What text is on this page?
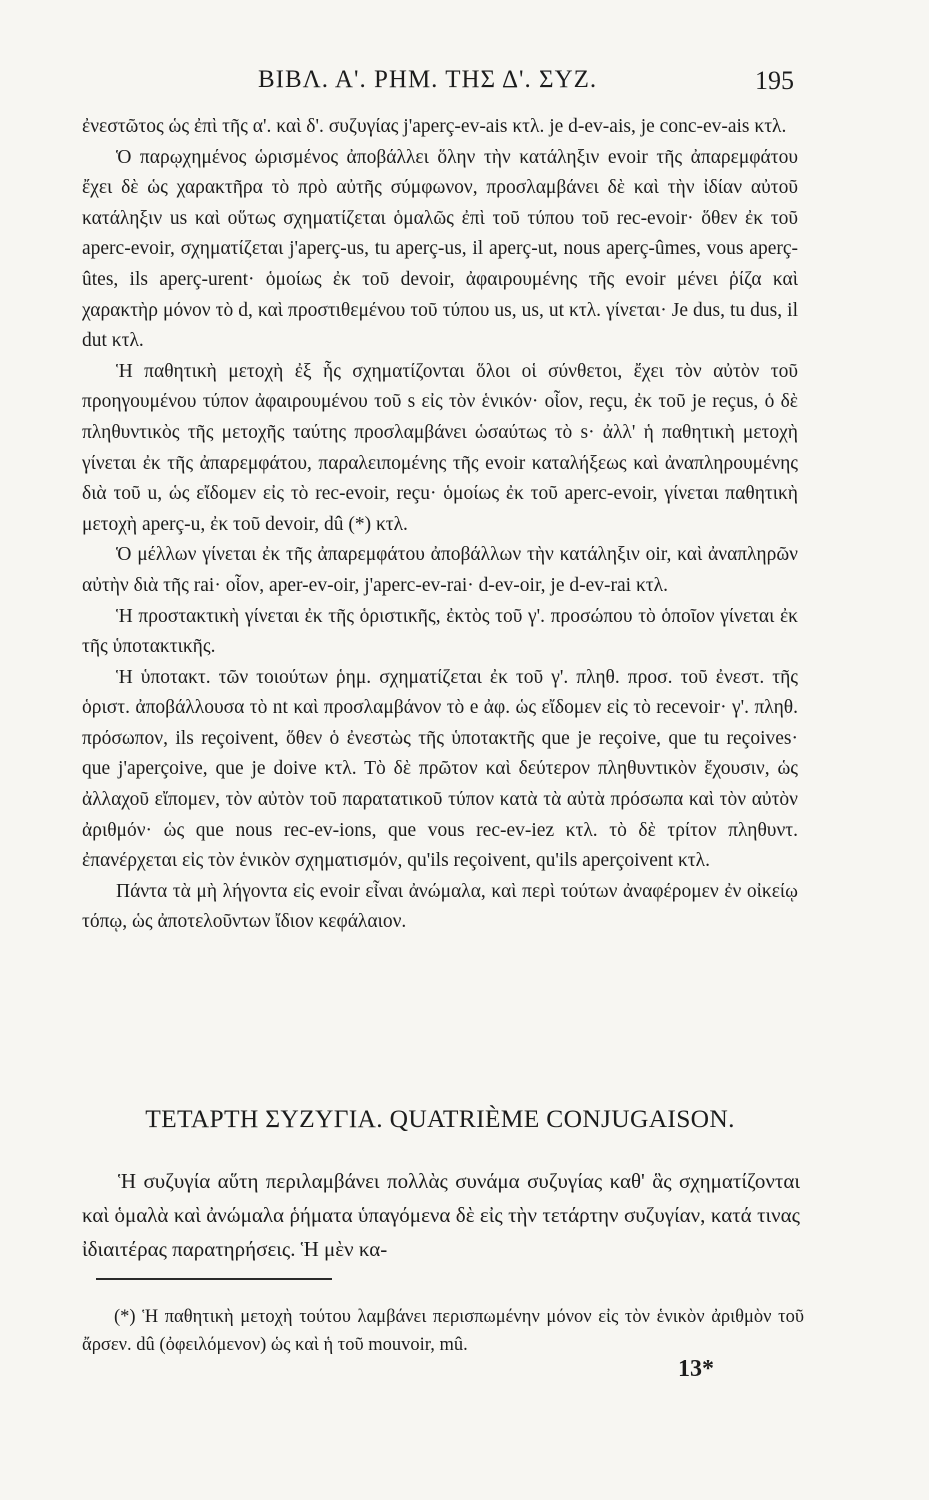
ΒΙΒΛ. Α'. ΡΗΜ. ΤΗΣ Δ'. ΣΥΖ.	195

ἐνεστῶτος ὡς ἐπὶ τῆς α'. καὶ δ'. συζυγίας j'aperç-ev-ais κτλ. je d-ev-ais, je conc-ev-ais κτλ.

Ὁ παρῳχημένος ὡρισμένος ἀποβάλλει ὅλην τὴν κατάληξιν evoir τῆς ἀπαρεμφάτου ἔχει δὲ ὡς χαρακτῆρα τὸ πρὸ αὐτῆς σύμφωνον, προσλαμβάνει δὲ καὶ τὴν ἰδίαν αὐτοῦ κατάληξιν us καὶ οὕτως σχηματίζεται ὁμαλῶς ἐπὶ τοῦ τύπου τοῦ rec-evoir· ὅθεν ἐκ τοῦ aperc-evoir, σχηματίζεται j'aperç-us, tu aperç-us, il aperç-ut, nous aperç-ûmes, vous aperç-ûtes, ils aperç-urent· ὁμοίως ἐκ τοῦ devoir, ἀφαιρουμένης τῆς evoir μένει ῥίζα καὶ χαρακτὴρ μόνον τὸ d, καὶ προστιθεμένου τοῦ τύπου us, us, ut κτλ. γίνεται· Je dus, tu dus, il dut κτλ.

Ἡ παθητικὴ μετοχὴ ἐξ ἧς σχηματίζονται ὅλοι οἱ σύνθετοι, ἔχει τὸν αὐτὸν τοῦ προηγουμένου τύπον ἀφαιρουμένου τοῦ s εἰς τὸν ἑνικόν· οἷον, reçu, ἐκ τοῦ je reçus, ὁ δὲ πληθυντικὸς τῆς μετοχῆς ταύτης προσλαμβάνει ὡσαύτως τὸ s· ἀλλ' ἡ παθητικὴ μετοχὴ γίνεται ἐκ τῆς ἀπαρεμφάτου, παραλειπομένης τῆς evoir καταλήξεως καὶ ἀναπληρουμένης διὰ τοῦ u, ὡς εἴδομεν εἰς τὸ rec-evoir, reçu· ὁμοίως ἐκ τοῦ aperc-evoir, γίνεται παθητικὴ μετοχὴ aperç-u, ἐκ τοῦ devoir, dû (*) κτλ.

Ὁ μέλλων γίνεται ἐκ τῆς ἀπαρεμφάτου ἀποβάλλων τὴν κατάληξιν oir, καὶ ἀναπληρῶν αὐτὴν διὰ τῆς rai· οἷον, aper-ev-oir, j'aperc-ev-rai· d-ev-oir, je d-ev-rai κτλ.

Ἡ προστακτικὴ γίνεται ἐκ τῆς ὁριστικῆς, ἐκτὸς τοῦ γ'. προσώπου τὸ ὁποῖον γίνεται ἐκ τῆς ὑποτακτικῆς.

Ἡ ὑποτακτ. τῶν τοιούτων ῥημ. σχηματίζεται ἐκ τοῦ γ'. πληθ. προσ. τοῦ ἐνεστ. τῆς ὁριστ. ἀποβάλλουσα τὸ nt καὶ προσλαμβάνον τὸ e ἀφ. ὡς εἴδομεν εἰς τὸ recevoir· γ'. πληθ. πρόσωπον, ils reçoivent, ὅθεν ὁ ἐνεστὼς τῆς ὑποτακτῆς que je reçoive, que tu reçoives· que j'aperçoive, que je doive κτλ. Τὸ δὲ πρῶτον καὶ δεύτερον πληθυντικὸν ἔχουσιν, ὡς ἀλλαχοῦ εἴπομεν, τὸν αὐτὸν τοῦ παρατατικοῦ τύπον κατὰ τὰ αὐτὰ πρόσωπα καὶ τὸν αὐτὸν ἀριθμόν· ὡς que nous rec-ev-ions, que vous rec-ev-iez κτλ. τὸ δὲ τρίτον πληθυντ. ἐπανέρχεται εἰς τὸν ἑνικὸν σχηματισμόν, qu'ils reçoivent, qu'ils aperçoivent κτλ.

Πάντα τὰ μὴ λήγοντα εἰς evoir εἶναι ἀνώμαλα, καὶ περὶ τούτων ἀναφέρομεν ἐν οἰκείῳ τόπῳ, ὡς ἀποτελοῦντων ἴδιον κεφάλαιον.

ΤΕΤΑΡΤΗ ΣΥΖΥΓΙΑ. QUATRIÈME CONJUGAISON.

Ἡ συζυγία αὕτη περιλαμβάνει πολλὰς συνάμα συζυγίας καθ' ἃς σχηματίζονται καὶ ὁμαλὰ καὶ ἀνώμαλα ῥήματα ὑπαγόμενα δὲ εἰς τὴν τετάρτην συζυγίαν, κατά τινας ἰδιαιτέρας παρατηρήσεις. Ἡ μὲν κα-

(*) Ἡ παθητικὴ μετοχὴ τούτου λαμβάνει περισπωμένην μόνον εἰς τὸν ἑνικὸν ἀριθμὸν τοῦ ἄρσεν. dû (ὀφειλόμενον) ὡς καὶ ἡ τοῦ mouvoir, mû.

13*
